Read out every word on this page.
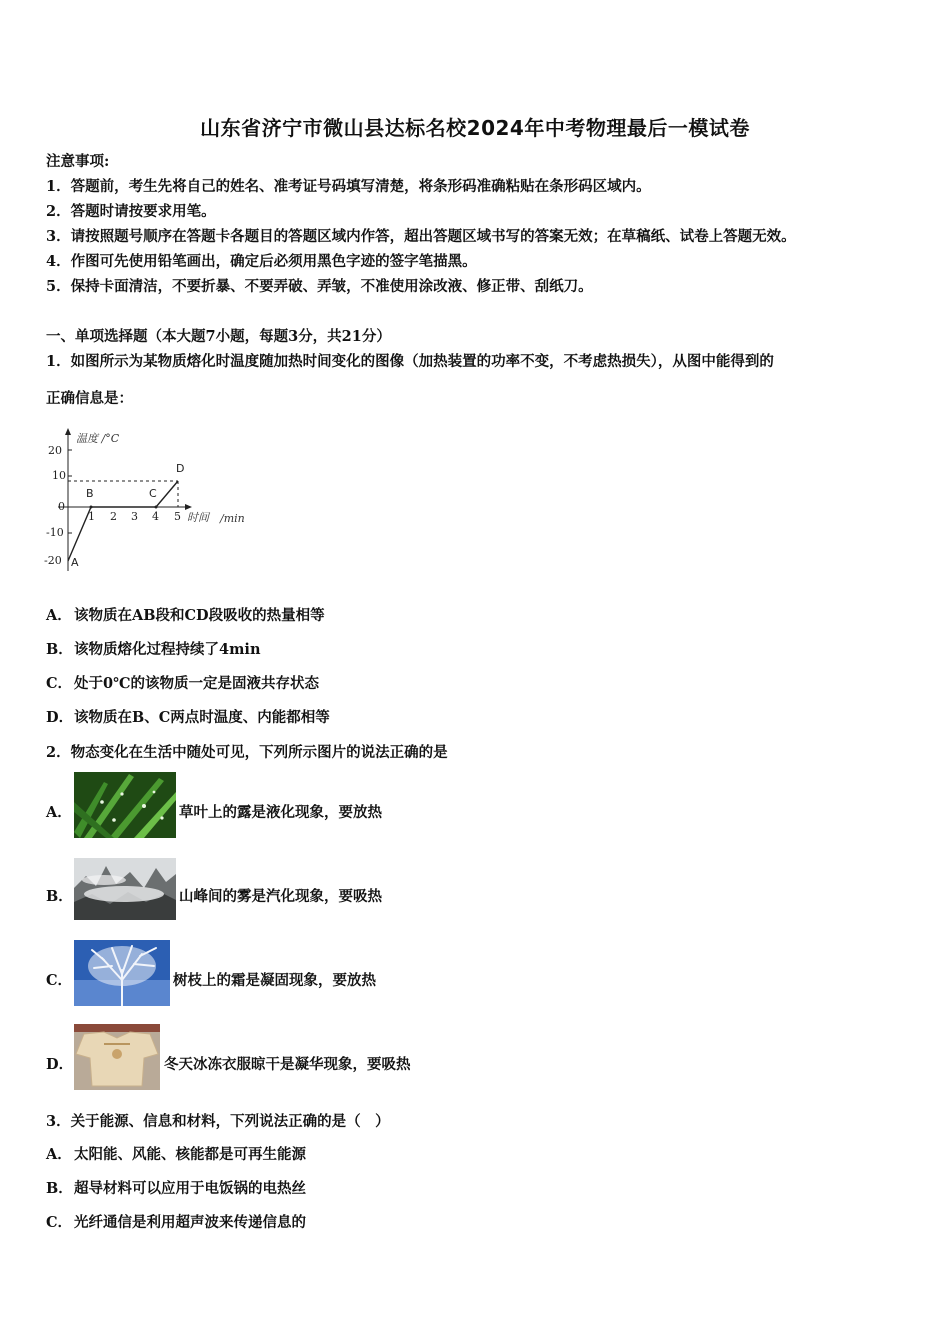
山东省济宁市微山县达标名校2024年中考物理最后一模试卷
注意事项:
1．答题前，考生先将自己的姓名、准考证号码填写清楚，将条形码准确粘贴在条形码区域内。
2．答题时请按要求用笔。
3．请按照题号顺序在答题卡各题目的答题区域内作答，超出答题区域书写的答案无效；在草稿纸、试卷上答题无效。
4．作图可先使用铅笔画出，确定后必须用黑色字迹的签字笔描黑。
5．保持卡面清洁，不要折暴、不要弄破、弄皱，不准使用涂改液、修正带、刮纸刀。
一、单项选择题（本大题7小题，每题3分，共21分）
1．如图所示为某物质熔化时温度随加热时间变化的图像（加热装置的功率不变，不考虑热损失），从图中能得到的
正确信息是：
温度 /°C
20
10
0
-10
-20
1 2 3 4 5 时间 /min
A
B	C
D
A． 该物质在AB段和CD段吸收的热量相等
B．该物质熔化过程持续了4min
C． 处于0℃的该物质一定是固液共存状态
D．该物质在B、C两点时温度、内能都相等
2．物态变化在生活中随处可见，下列所示图片的说法正确的是
A．	草叶上的露是液化现象，要放热
B．	山峰间的雾是汽化现象，要吸热
C．	树枝上的霜是凝固现象，要放热
D．	冬天冰冻衣服晾干是凝华现象，要吸热
3．关于能源、信息和材料，下列说法正确的是（　）
A． 太阳能、风能、核能都是可再生能源
B．超导材料可以应用于电饭锅的电热丝
C． 光纤通信是利用超声波来传递信息的
